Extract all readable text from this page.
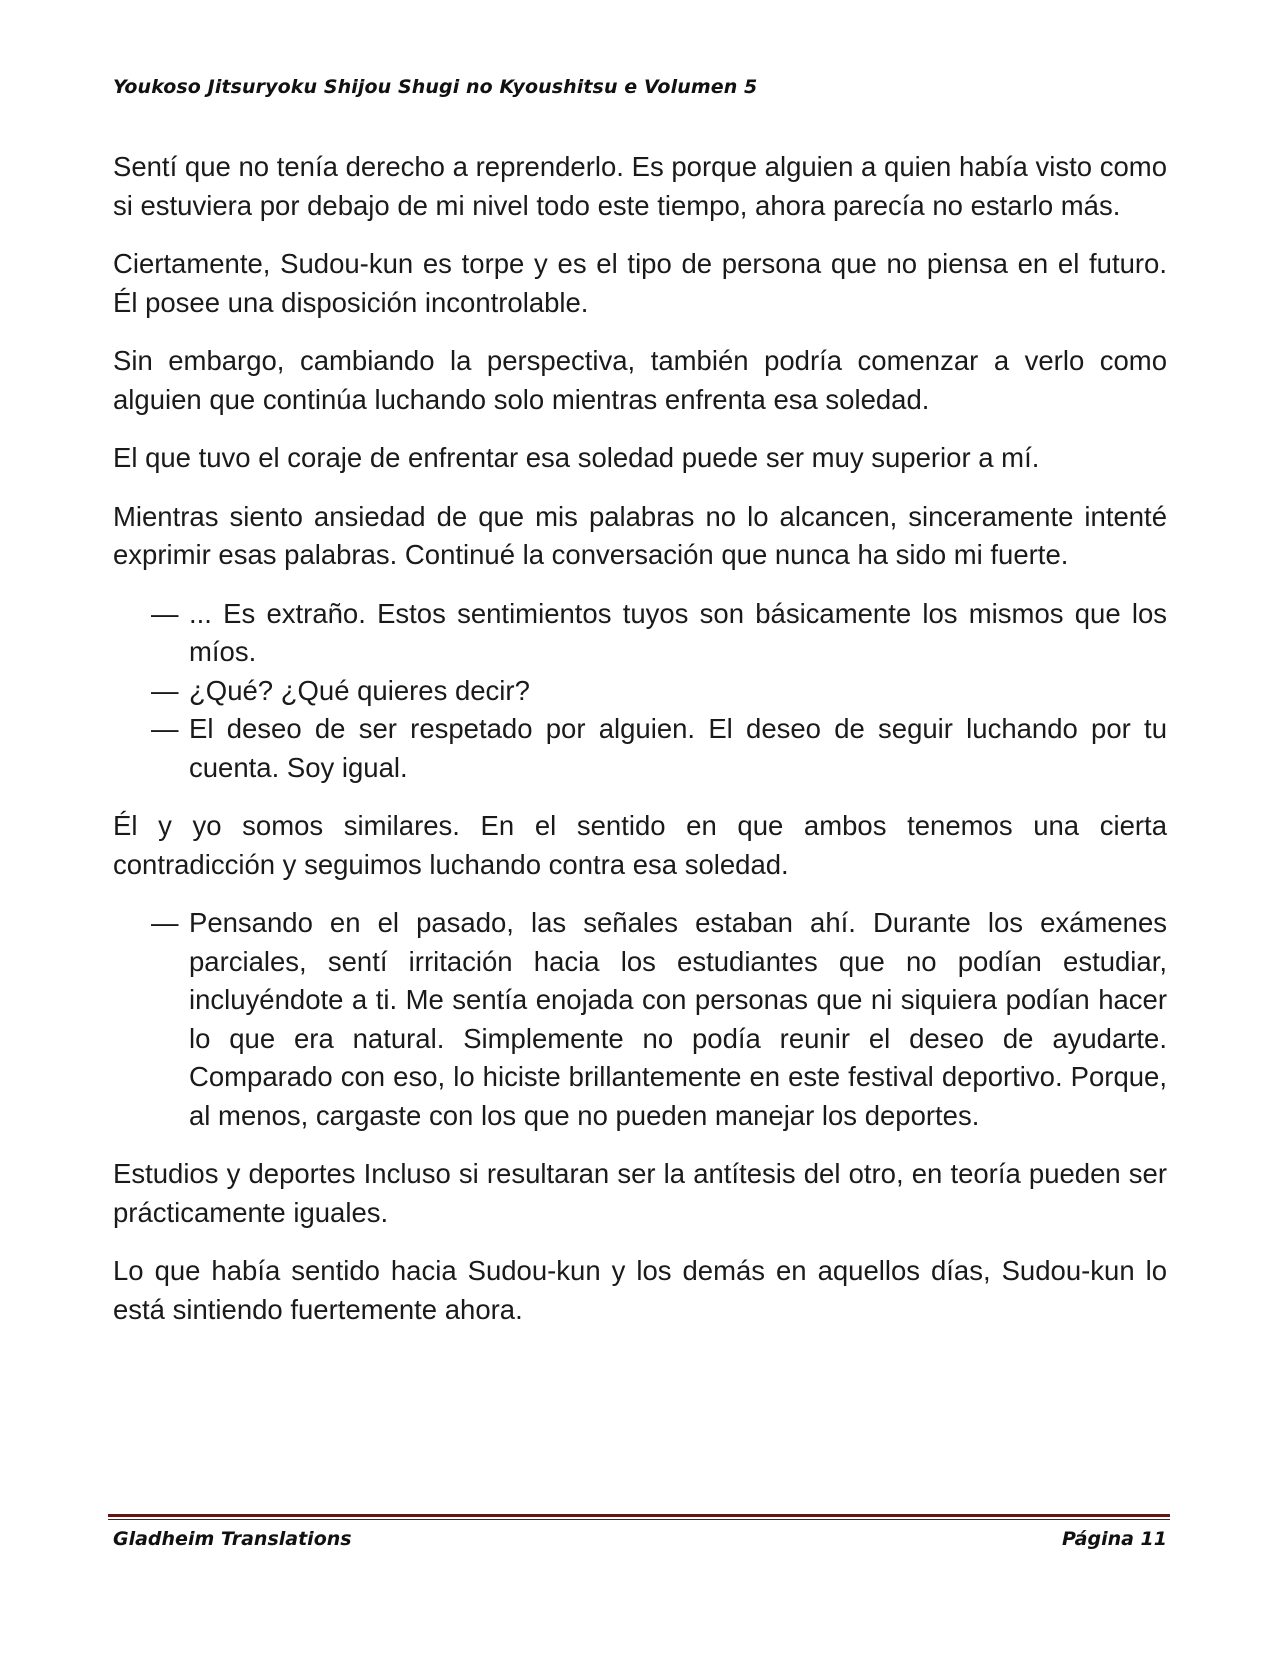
Youkoso Jitsuryoku Shijou Shugi no Kyoushitsu e Volumen 5

Sentí que no tenía derecho a reprenderlo. Es porque alguien a quien había visto como si estuviera por debajo de mi nivel todo este tiempo, ahora parecía no estarlo más.

Ciertamente, Sudou-kun es torpe y es el tipo de persona que no piensa en el futuro. Él posee una disposición incontrolable.

Sin embargo, cambiando la perspectiva, también podría comenzar a verlo como alguien que continúa luchando solo mientras enfrenta esa soledad.

El que tuvo el coraje de enfrentar esa soledad puede ser muy superior a mí.

Mientras siento ansiedad de que mis palabras no lo alcancen, sinceramente intenté exprimir esas palabras. Continué la conversación que nunca ha sido mi fuerte.

— ... Es extraño. Estos sentimientos tuyos son básicamente los mismos que los míos.
— ¿Qué? ¿Qué quieres decir?
— El deseo de ser respetado por alguien. El deseo de seguir luchando por tu cuenta. Soy igual.

Él y yo somos similares. En el sentido en que ambos tenemos una cierta contradicción y seguimos luchando contra esa soledad.

— Pensando en el pasado, las señales estaban ahí. Durante los exámenes parciales, sentí irritación hacia los estudiantes que no podían estudiar, incluyéndote a ti. Me sentía enojada con personas que ni siquiera podían hacer lo que era natural. Simplemente no podía reunir el deseo de ayudarte. Comparado con eso, lo hiciste brillantemente en este festival deportivo. Porque, al menos, cargaste con los que no pueden manejar los deportes.

Estudios y deportes Incluso si resultaran ser la antítesis del otro, en teoría pueden ser prácticamente iguales.

Lo que había sentido hacia Sudou-kun y los demás en aquellos días, Sudou-kun lo está sintiendo fuertemente ahora.

Gladheim Translations	Página 11
